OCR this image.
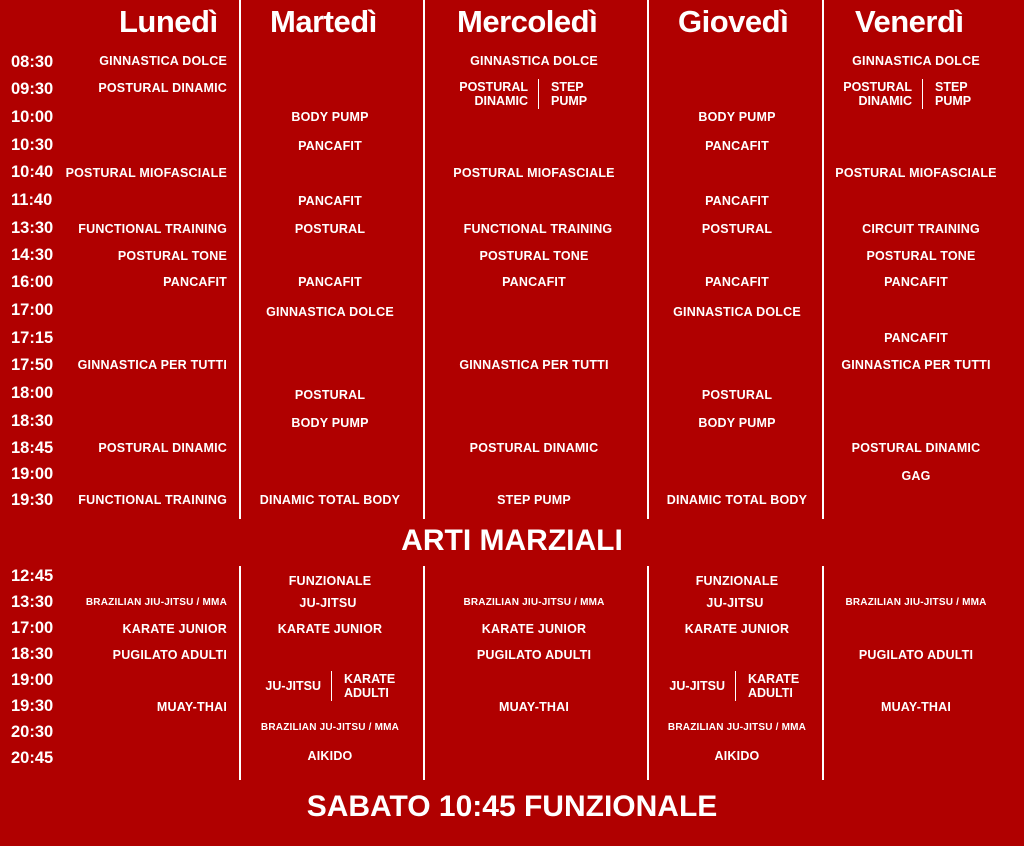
Lunedì Martedì	Mercoledì	Giovedì Venerdì
08:30
09:30
10:00
10:30
10:40
11:40
13:30
14:30
16:00
17:00
17:15
17:50
18:00
18:30
18:45
19:00
19:30
GINNASTICA DOLCE
POSTURAL DINAMIC
POSTURAL MIOFASCIALE
FUNCTIONAL TRAINING
POSTURAL TONE
PANCAFIT
GINNASTICA PER TUTTI
POSTURAL DINAMIC
FUNCTIONAL TRAINING
BODY PUMP
PANCAFIT
PANCAFIT
POSTURAL
PANCAFIT
GINNASTICA DOLCE
POSTURAL
BODY PUMP
DINAMIC TOTAL BODY
GINNASTICA DOLCE
POSTURAL
DINAMIC
STEP
PUMP
POSTURAL MIOFASCIALE
FUNCTIONAL TRAINING
POSTURAL TONE
PANCAFIT
GINNASTICA PER TUTTI
POSTURAL DINAMIC
STEP PUMP
BODY PUMP
PANCAFIT
PANCAFIT
POSTURAL
PANCAFIT
GINNASTICA DOLCE
POSTURAL
BODY PUMP
DINAMIC TOTAL BODY
GINNASTICA DOLCE
POSTURAL
DINAMIC
STEP
PUMP
POSTURAL MIOFASCIALE
CIRCUIT TRAINING
POSTURAL TONE
PANCAFIT
PANCAFIT
GINNASTICA PER TUTTI
POSTURAL DINAMIC
GAG
ARTI MARZIALI
12:45
13:30
17:00
18:30
19:00
19:30
20:30
20:45
BRAZILIAN JIU-JITSU / MMA
KARATE JUNIOR
PUGILATO ADULTI
MUAY-THAI
FUNZIONALE
JU-JITSU
KARATE JUNIOR
JU-JITSU KARATE
ADULTI
BRAZILIAN JU-JITSU / MMA
AIKIDO
BRAZILIAN JIU-JITSU / MMA
KARATE JUNIOR
PUGILATO ADULTI
MUAY-THAI
FUNZIONALE
JU-JITSU
KARATE JUNIOR
JU-JITSU KARATE
ADULTI
BRAZILIAN JU-JITSU / MMA
AIKIDO
BRAZILIAN JIU-JITSU / MMA
PUGILATO ADULTI
MUAY-THAI
SABATO 10:45 FUNZIONALE
